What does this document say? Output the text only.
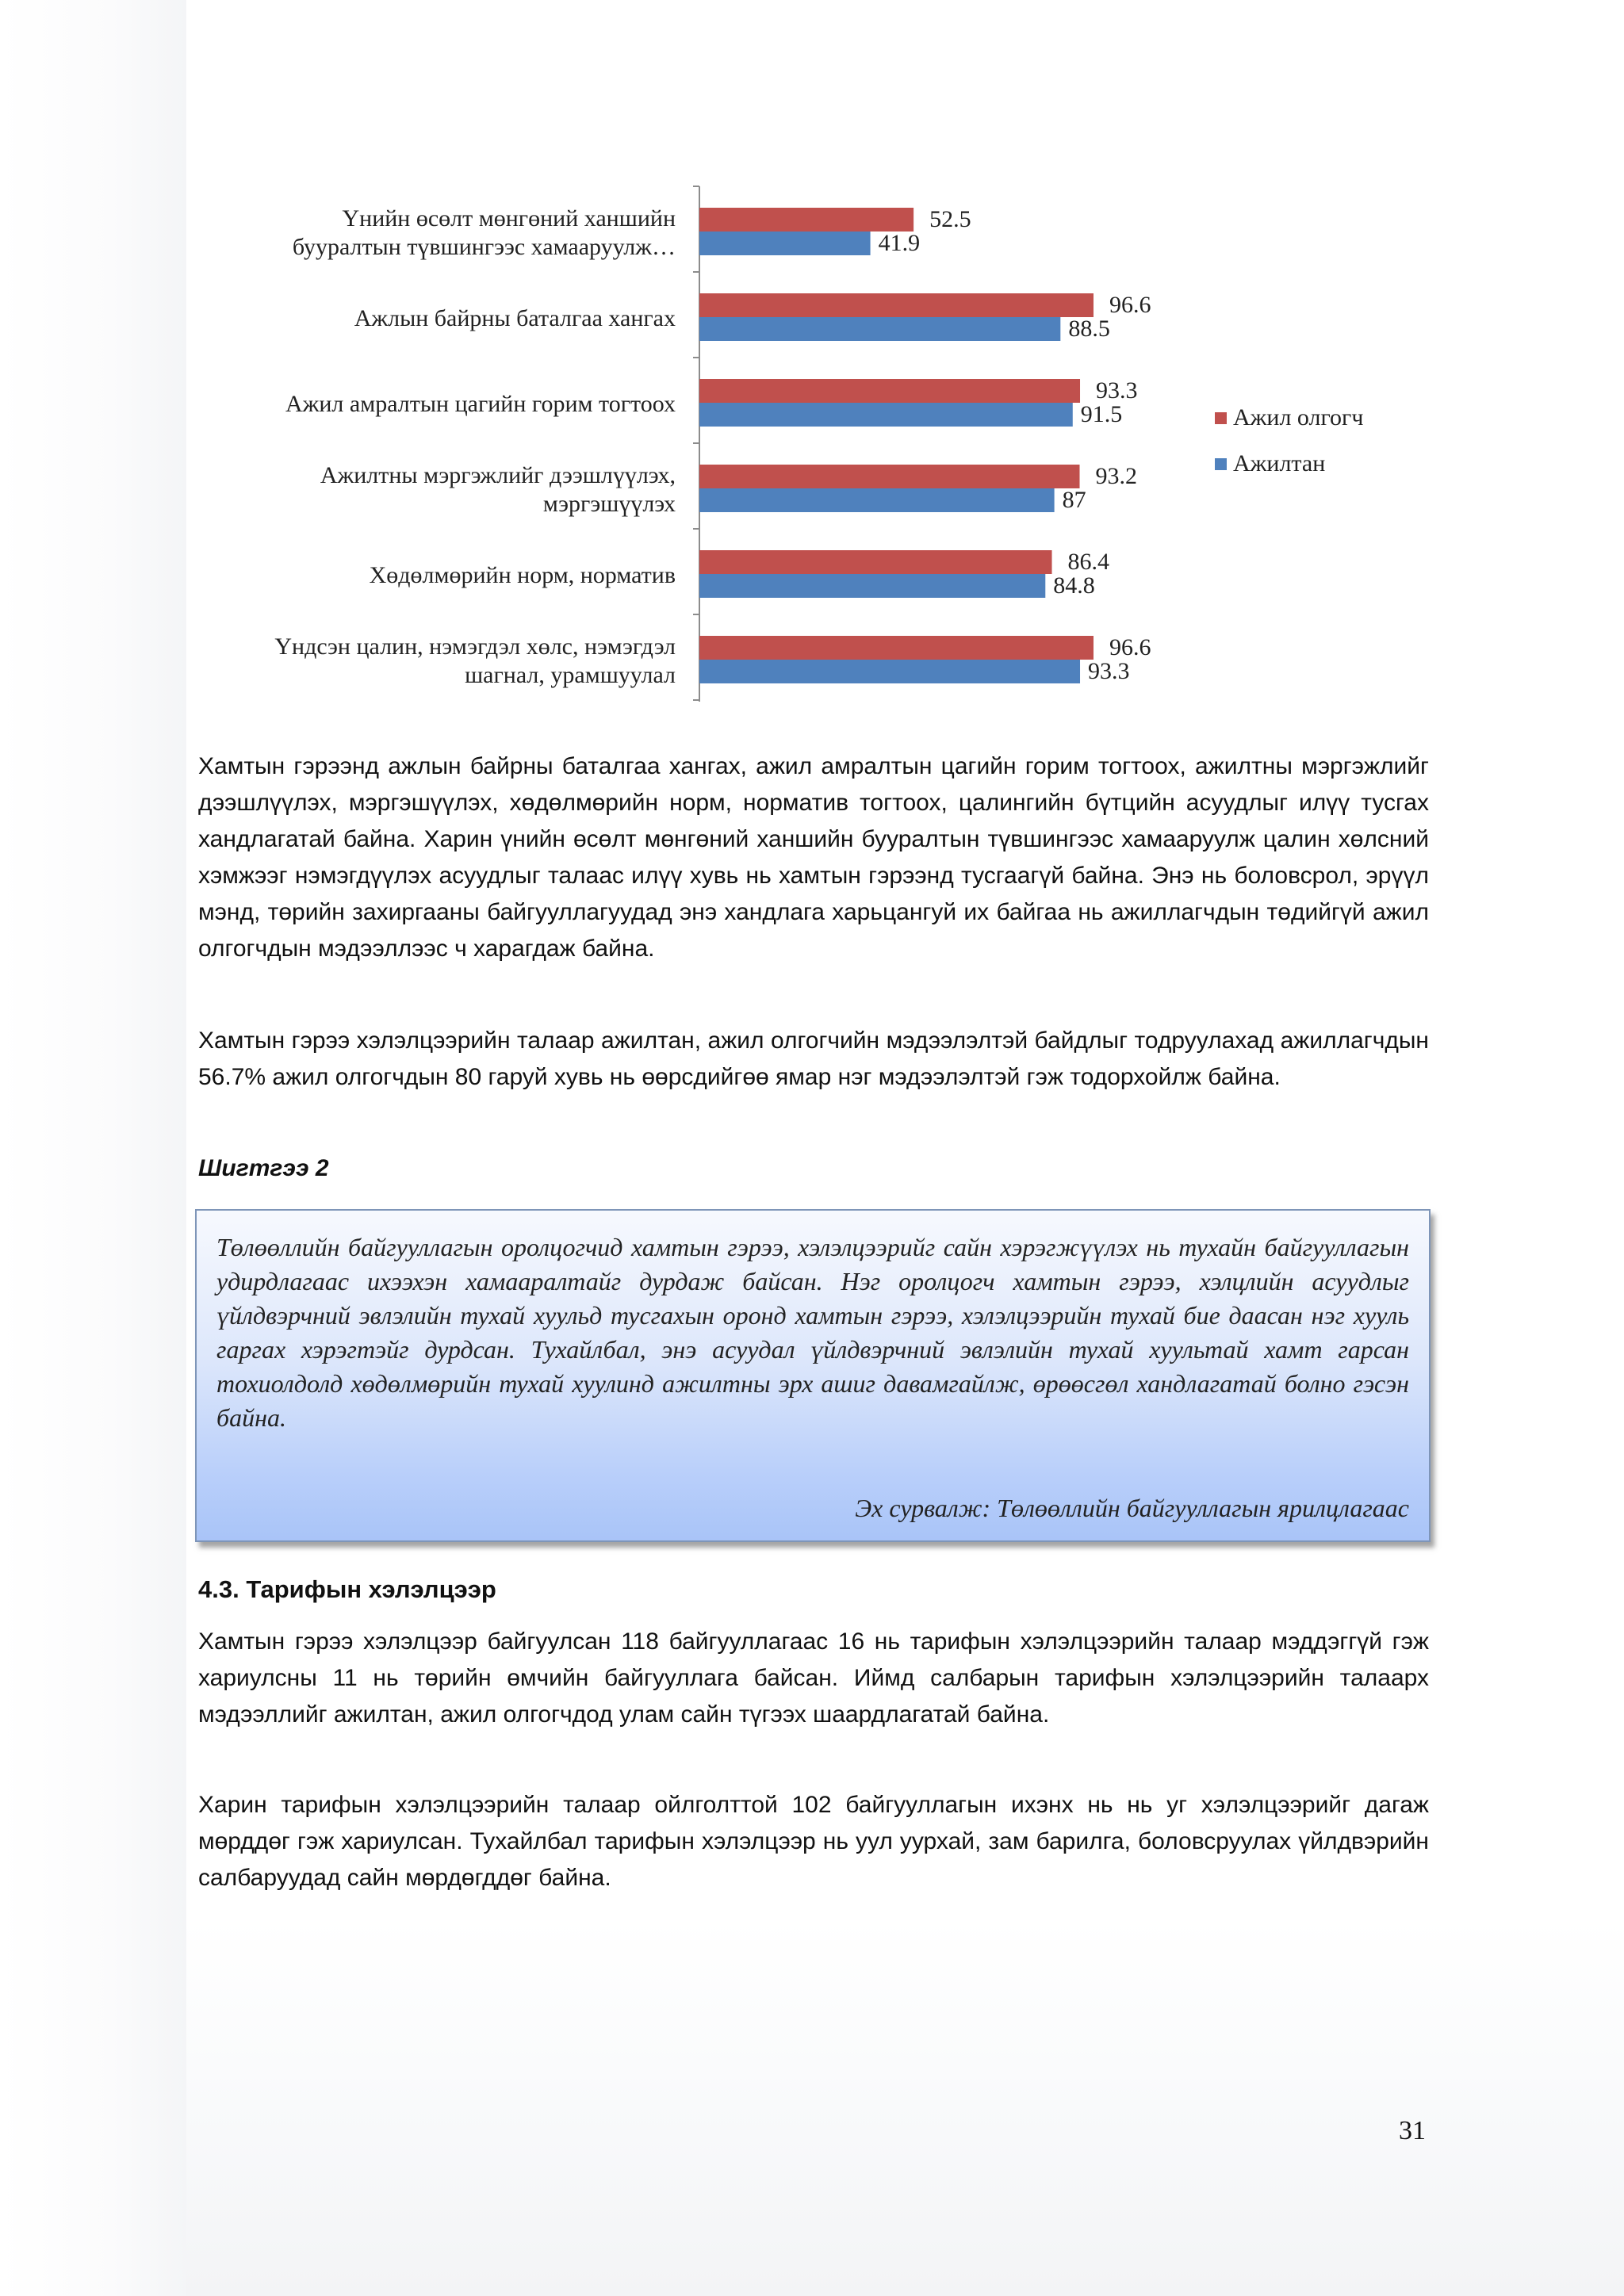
52.5
41.9
Үнийн өсөлт мөнгөний ханшийн
бууралтын түвшингээс хамааруулж…
96.6
88.5
Ажлын байрны баталгаа хангах
93.3
91.5
Ажил амралтын цагийн горим тогтоох
93.2
87
Ажилтны мэргэжлийг дээшлүүлэх,
мэргэшүүлэх
86.4
84.8
Хөдөлмөрийн норм, норматив
96.6
93.3
Үндсэн цалин, нэмэгдэл хөлс, нэмэгдэл
шагнал, урамшуулал
Ажил олгогч
Ажилтан

Хамтын гэрээнд ажлын байрны баталгаа хангах, ажил амралтын цагийн горим тогтоох, ажилтны мэргэжлийг дээшлүүлэх, мэргэшүүлэх, хөдөлмөрийн норм, норматив тогтоох, цалингийн бүтцийн асуудлыг илүү тусгах хандлагатай байна. Харин үнийн өсөлт мөнгөний ханшийн бууралтын түвшингээс хамааруулж цалин хөлсний хэмжээг нэмэгдүүлэх асуудлыг талаас илүү хувь нь хамтын гэрээнд тусгаагүй байна. Энэ нь боловсрол, эрүүл мэнд, төрийн захиргааны байгууллагуудад энэ хандлага харьцангуй их байгаа нь ажиллагчдын төдийгүй ажил олгогчдын мэдээллээс ч харагдаж байна.

Хамтын гэрээ хэлэлцээрийн талаар ажилтан, ажил олгогчийн мэдээлэлтэй байдлыг тодруулахад ажиллагчдын 56.7% ажил олгогчдын 80 гаруй хувь нь өөрсдийгөө ямар нэг мэдээлэлтэй гэж тодорхойлж байна.

Шигтгээ 2

Төлөөллийн байгууллагын оролцогчид хамтын гэрээ, хэлэлцээрийг сайн хэрэгжүүлэх нь тухайн байгууллагын удирдлагаас ихээхэн хамааралтайг дурдаж байсан. Нэг оролцогч хамтын гэрээ, хэлцлийн асуудлыг үйлдвэрчний эвлэлийн тухай хуульд тусгахын оронд хамтын гэрээ, хэлэлцээрийн тухай бие даасан нэг хууль гаргах хэрэгтэйг дурдсан. Тухайлбал, энэ асуудал үйлдвэрчний эвлэлийн тухай хуультай хамт гарсан тохиолдолд хөдөлмөрийн тухай хуулинд ажилтны эрх ашиг давамгайлж, өрөөсгөл хандлагатай болно гэсэн байна.

Эх сурвалж: Төлөөллийн байгууллагын ярилцлагаас

4.3. Тарифын хэлэлцээр

Хамтын гэрээ хэлэлцээр байгуулсан 118 байгууллагаас 16 нь тарифын хэлэлцээрийн талаар мэддэггүй гэж хариулсны 11 нь төрийн өмчийн байгууллага байсан. Иймд салбарын тарифын хэлэлцээрийн талаарх мэдээллийг ажилтан, ажил олгогчдод улам сайн түгээх шаардлагатай байна.

Харин тарифын хэлэлцээрийн талаар ойлголттой 102 байгууллагын ихэнх нь нь уг хэлэлцээрийг дагаж мөрддөг гэж хариулсан. Тухайлбал тарифын хэлэлцээр нь уул уурхай, зам барилга, боловсруулах үйлдвэрийн салбаруудад сайн мөрдөгддөг байна.

31
